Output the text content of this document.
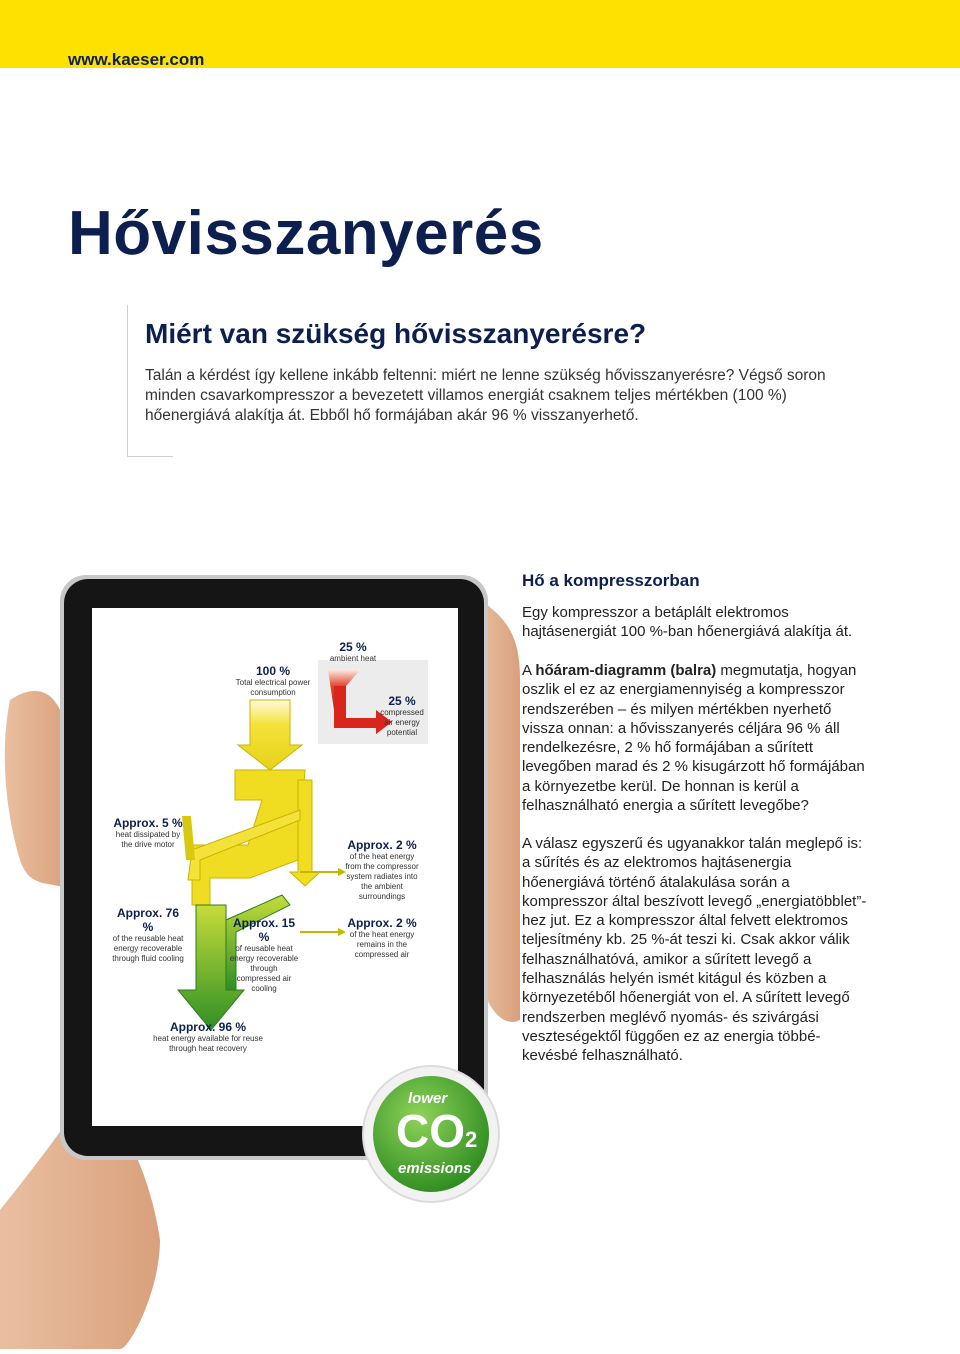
www.kaeser.com
Hővisszanyerés
Miért van szükség hővisszanyerésre?

Talán a kérdést így kellene inkább feltenni: miért ne lenne szükség hővisszanyerésre? Végső soron minden csavarkompresszor a bevezetett villamos energiát csaknem teljes mértékben (100 %) hőenergiává alakítja át. Ebből hő formájában akár 96 % visszanyerhető.

Hő a kompresszorban

Egy kompresszor a betáplált elektromos hajtásenergiát 100 %-ban hőenergiává alakítja át.

A hőáram-diagramm (balra) megmutatja, hogyan oszlik el ez az energiamennyiség a kompresszor rendszerében – és milyen mértékben nyerhető vissza onnan: a hővisszanyerés céljára 96 % áll rendelkezésre, 2 % hő formájában a sűrített levegőben marad és 2 % kisugárzott hő formájában a környezetbe kerül. De honnan is kerül a felhasználható energia a sűrített levegőbe?

A válasz egyszerű és ugyanakkor talán meglepő is: a sűrítés és az elektromos hajtásenergia hőenergiává történő átalakulása során a kompresszor által beszívott levegő „energiatöbblet”-hez jut. Ez a kompresszor által felvett elektromos teljesítmény kb. 25 %-át teszi ki. Csak akkor válik felhasználhatóvá, amikor a sűrített levegő a felhasználás helyén ismét kitágul és közben a környezetéből hőenergiát von el. A sűrített levegő rendszerben meglévő nyomás- és szivárgási veszteségektől függően ez az energia többé-kevésbé felhasználható.

100 %
Total electrical power consumption
25 %
ambient heat
25 %
compressed air energy potential
Approx. 5 %
heat dissipated by the drive motor
Approx. 76 %
of the reusable heat energy recoverable through fluid cooling
Approx. 15 %
of reusable heat energy recoverable through compressed air cooling
Approx. 2 %
of the heat energy from the compressor system radiates into the ambient surroundings
Approx. 2 %
of the heat energy remains in the compressed air
Approx. 96 %
heat energy available for reuse through heat recovery
lower
CO2
emissions
